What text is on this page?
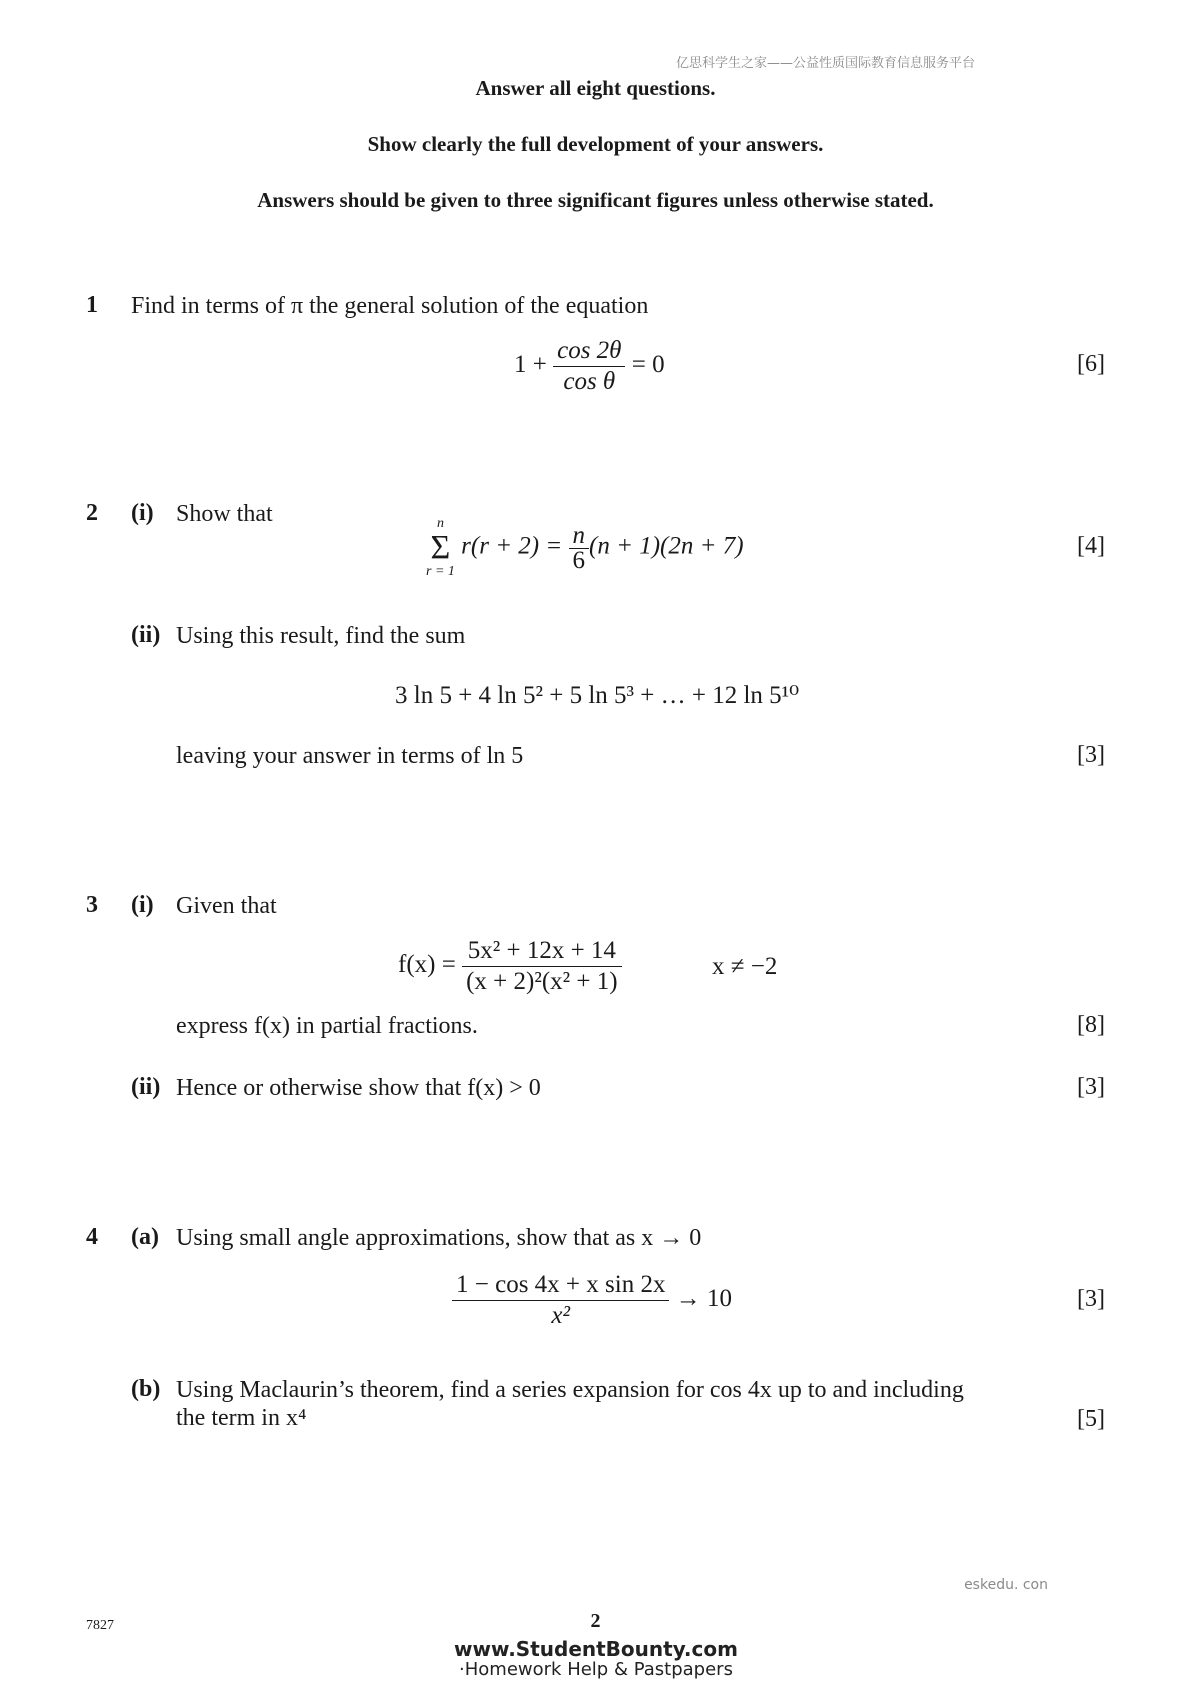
亿思科学生之家——公益性质国际教育信息服务平台
Answer all eight questions.
Show clearly the full development of your answers.
Answers should be given to three significant figures unless otherwise stated.
1 Find in terms of π the general solution of the equation
$1 + \frac{\cos 2\theta}{\text{cos θ}} = 0$	[6]
2 (i) Show that	n
Σ
r = 1
$r(r + 2) = \frac{n}{6} (n + 1)(2n + 7)$	[4]
(ii) Using this result, find the sum
3 ln 5 + 4 ln 5² + 5 ln 5³ + … + 12 ln 5¹⁰
leaving your answer in terms of ln 5	[3]
3 (i) Given that
$f(x) = \frac{\text{5x² + 12x + 14}}{\text{(x + 2)²(x² + 1)}}$	x ≠ −2
express f(x) in partial fractions.	[8]
(ii) Hence or otherwise show that f(x) > 0	[3]
4 (a) Using small angle approximations, show that as x → 0
$\frac{\text{1 − cos 4x + x sin 2x}}{\text{x²}} \to 10$	[3]
(b) Using Maclaurin’s theorem, find a series expansion for cos 4x up to and including
the term in x⁴	[5]
eskedu. con
7827	2
www.StudentBounty.com
·Homework Help & Pastpapers
